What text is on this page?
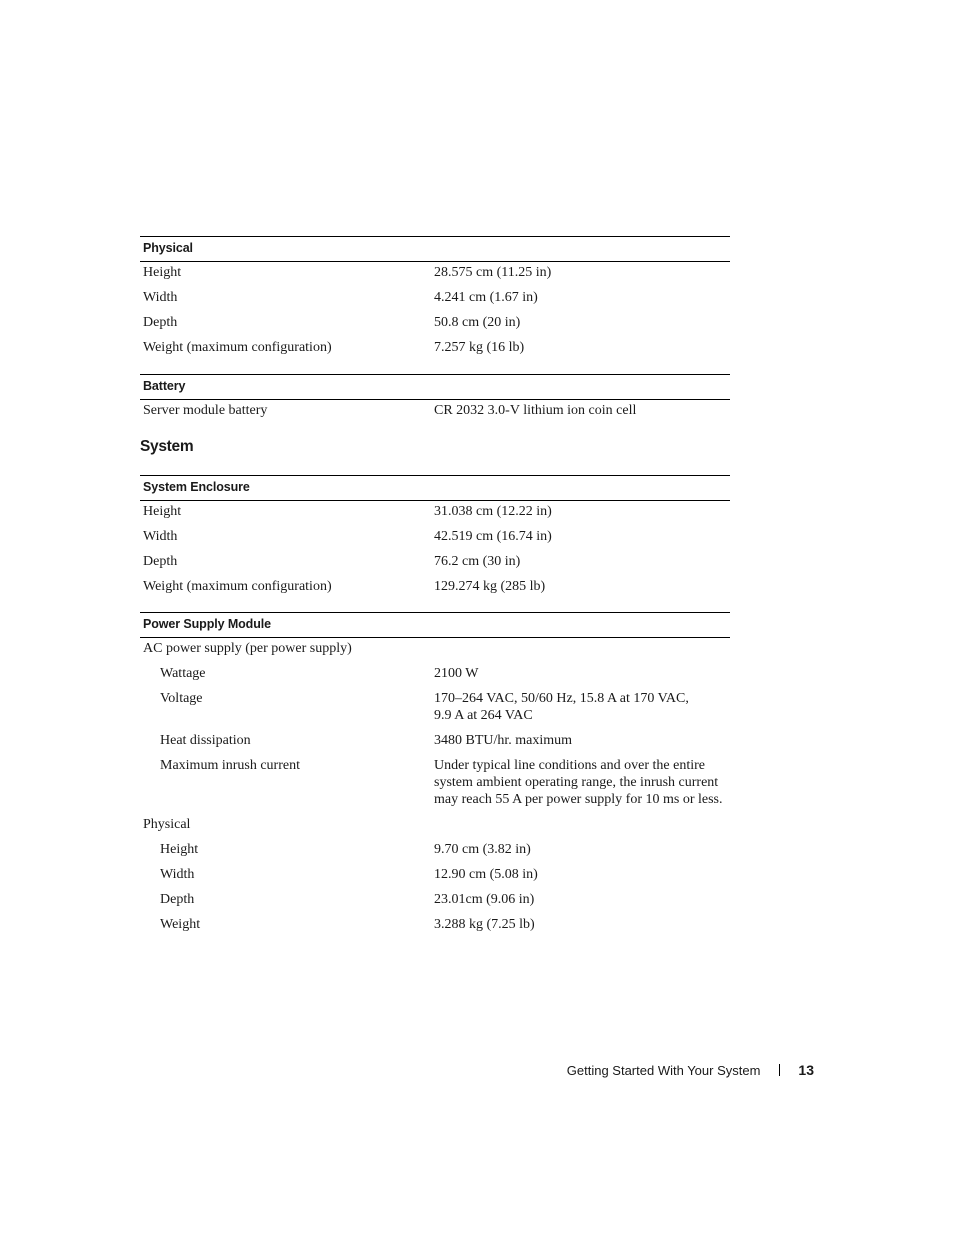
Physical
Height	28.575 cm (11.25 in)
Width	4.241 cm (1.67 in)
Depth	50.8 cm (20 in)
Weight (maximum configuration)	7.257 kg (16 lb)
Battery
Server module battery	CR 2032 3.0-V lithium ion coin cell
System
System Enclosure
Height	31.038 cm (12.22 in)
Width	42.519 cm (16.74 in)
Depth	76.2 cm (30 in)
Weight (maximum configuration)	129.274 kg (285 lb)
Power Supply Module
AC power supply (per power supply)
Wattage	2100 W
Voltage	170–264 VAC, 50/60 Hz, 15.8 A at 170 VAC,
9.9 A at 264 VAC
Heat dissipation	3480 BTU/hr. maximum
Maximum inrush current	Under typical line conditions and over the entire
system ambient operating range, the inrush current
may reach 55 A per power supply for 10 ms or less.
Physical
Height	9.70 cm (3.82 in)
Width	12.90 cm (5.08 in)
Depth	23.01cm (9.06 in)
Weight	3.288 kg (7.25 lb)
Getting Started With Your System	13
